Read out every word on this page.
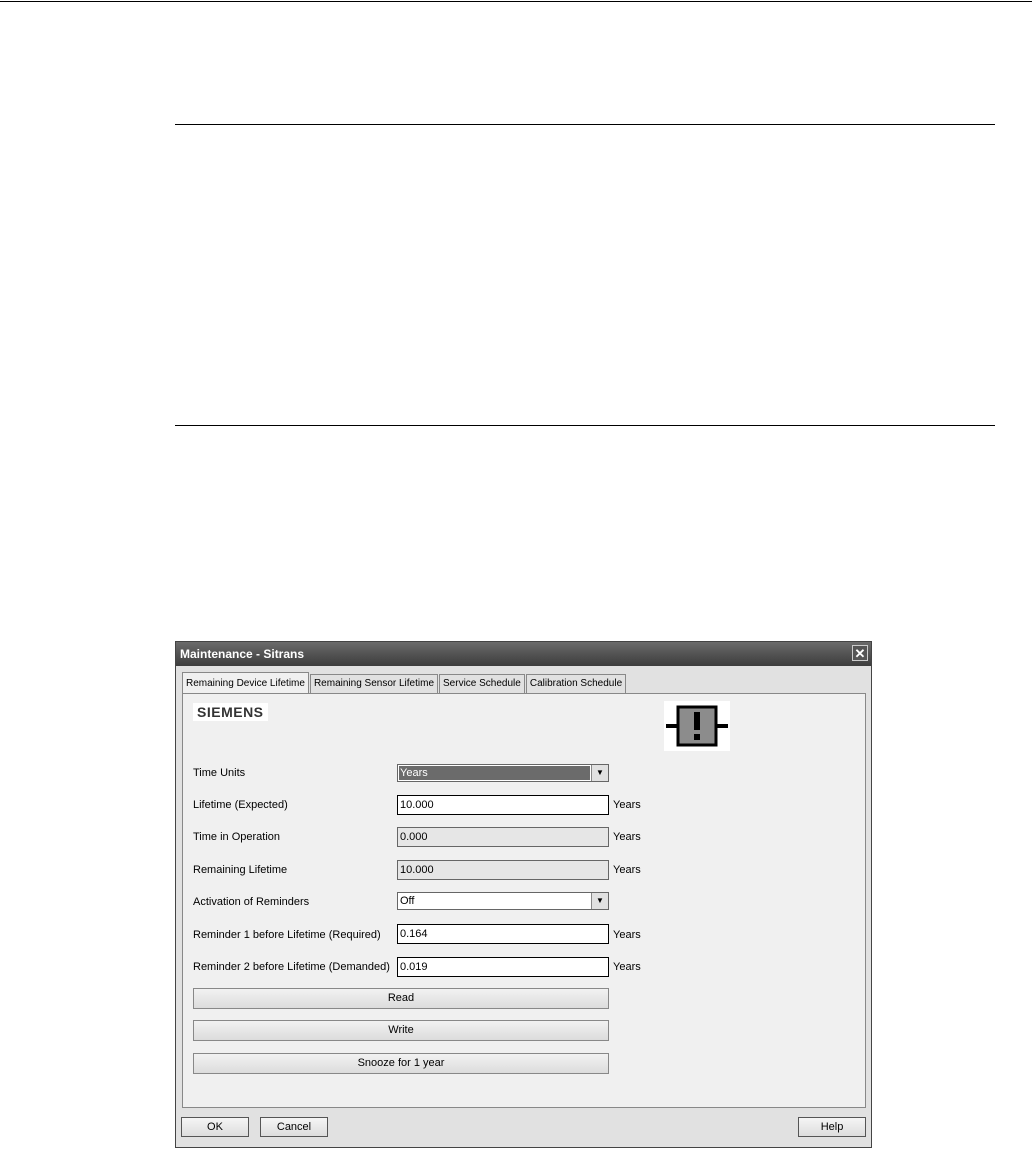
Maintenance - Sitrans	✕
Remaining Device Lifetime Remaining Sensor Lifetime Service Schedule Calibration Schedule
SIEMENS
Time Units	Years	▼
Lifetime (Expected)	10.000	Years
Time in Operation	0.000	Years
Remaining Lifetime	10.000	Years
Activation of Reminders	Off	▼
Reminder 1 before Lifetime (Required) 0.164	Years
Reminder 2 before Lifetime (Demanded) 0.019	Years
Read
Write
Snooze for 1 year
OK	Cancel	Help
